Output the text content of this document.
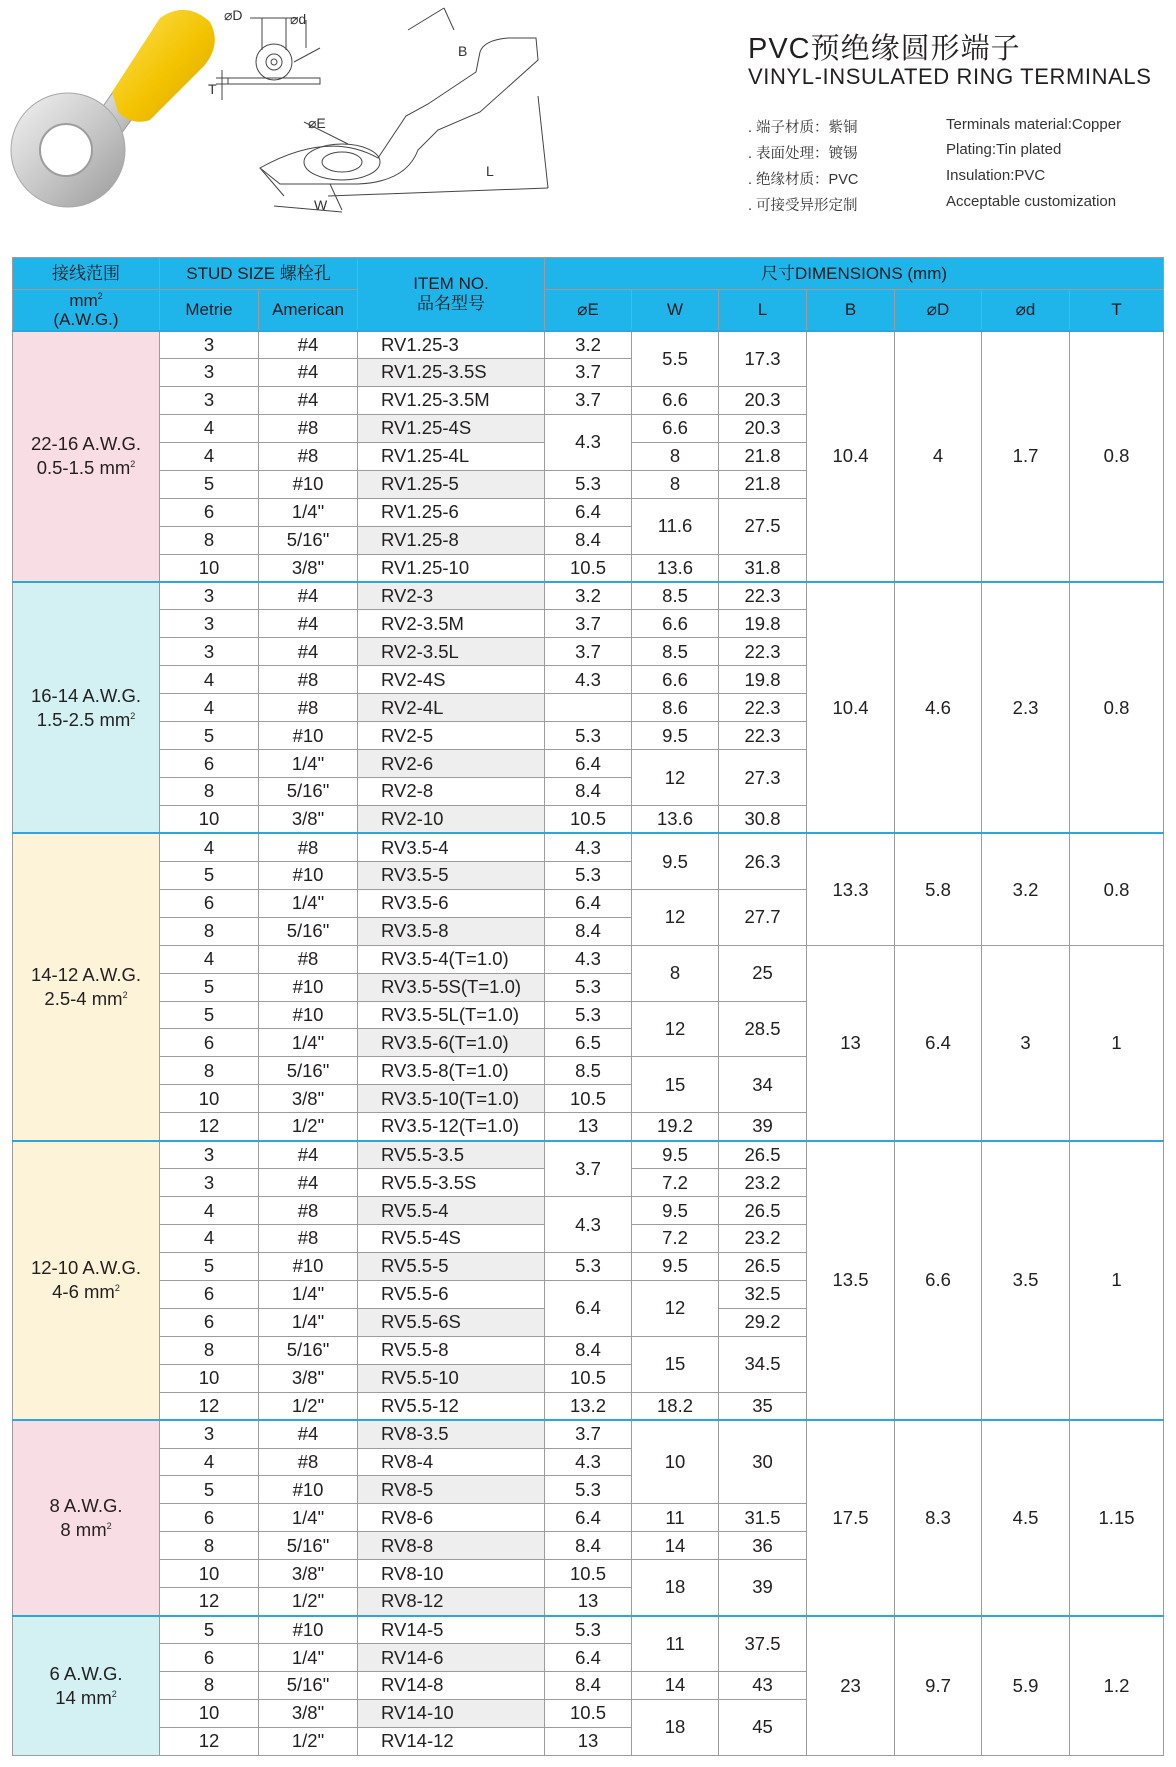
⌀D	⌀d
T
B
⌀E
L
W
PVC预绝缘圆形端子
VINYL-INSULATED RING TERMINALS
. 端子材质：紫铜	Terminals material:Copper
. 表面处理：镀锡	Plating:Tin plated
. 绝缘材质：PVC	Insulation:PVC
. 可接受异形定制	Acceptable customization
接线范围	STUD SIZE 螺栓孔		ITEM NO.
品名型号	尺寸DIMENSIONS (mm)						
$mm^2$
(A.W.G.)	Metrie	American		⌀E	W	L	B	⌀D	⌀d	T
22-16 A.W.G.
0.5-1.5 $mm^2$	3	#4	RV1.25-3	3.2	5.5	17.3	10.4	4	1.7	0.8
	3	#4	RV1.25-3.5S	3.7						
	3	#4	RV1.25-3.5M	3.7	6.6	20.3				
	4	#8	RV1.25-4S	4.3	6.6	20.3				
	4	#8	RV1.25-4L		8	21.8				
	5	#10	RV1.25-5	5.3	8	21.8				
	6	1/4"	RV1.25-6	6.4	11.6	27.5				
	8	5/16"	RV1.25-8	8.4						
	10	3/8"	RV1.25-10	10.5	13.6	31.8				
16-14 A.W.G.
1.5-2.5 $mm^2$	3	#4	RV2-3	3.2	8.5	22.3	10.4	4.6	2.3	0.8
	3	#4	RV2-3.5M	3.7	6.6	19.8				
	3	#4	RV2-3.5L	3.7	8.5	22.3				
	4	#8	RV2-4S	4.3	6.6	19.8				
	4	#8	RV2-4L		8.6	22.3				
	5	#10	RV2-5	5.3	9.5	22.3				
	6	1/4"	RV2-6	6.4	12	27.3				
	8	5/16"	RV2-8	8.4						
	10	3/8"	RV2-10	10.5	13.6	30.8				
14-12 A.W.G.
2.5-4 $mm^2$	4	#8	RV3.5-4	4.3	9.5	26.3	13.3	5.8	3.2	0.8
	5	#10	RV3.5-5	5.3						
	6	1/4"	RV3.5-6	6.4	12	27.7				
	8	5/16"	RV3.5-8	8.4						
	4	#8	RV3.5-4(T=1.0)	4.3	8	25	13	6.4	3	1
	5	#10	RV3.5-5S(T=1.0)	5.3						
	5	#10	RV3.5-5L(T=1.0)	5.3	12	28.5				
	6	1/4"	RV3.5-6(T=1.0)	6.5						
	8	5/16"	RV3.5-8(T=1.0)	8.5	15	34				
	10	3/8"	RV3.5-10(T=1.0)	10.5						
	12	1/2"	RV3.5-12(T=1.0)	13	19.2	39				
12-10 A.W.G.
4-6 $mm^2$	3	#4	RV5.5-3.5	3.7	9.5	26.5	13.5	6.6	3.5	1
	3	#4	RV5.5-3.5S		7.2	23.2				
	4	#8	RV5.5-4	4.3	9.5	26.5				
	4	#8	RV5.5-4S		7.2	23.2				
	5	#10	RV5.5-5	5.3	9.5	26.5				
	6	1/4"	RV5.5-6	6.4	12	32.5				
	6	1/4"	RV5.5-6S			29.2				
	8	5/16"	RV5.5-8	8.4	15	34.5				
	10	3/8"	RV5.5-10	10.5						
	12	1/2"	RV5.5-12	13.2	18.2	35				
8 A.W.G.
8 $mm^2$	3	#4	RV8-3.5	3.7	10	30	17.5	8.3	4.5	1.15
	4	#8	RV8-4	4.3						
	5	#10	RV8-5	5.3						
	6	1/4"	RV8-6	6.4	11	31.5				
	8	5/16"	RV8-8	8.4	14	36				
	10	3/8"	RV8-10	10.5	18	39				
	12	1/2"	RV8-12	13						
6 A.W.G.
14 $mm^2$	5	#10	RV14-5	5.3	11	37.5	23	9.7	5.9	1.2
	6	1/4"	RV14-6	6.4						
	8	5/16"	RV14-8	8.4	14	43				
	10	3/8"	RV14-10	10.5	18	45				
	12	1/2"	RV14-12	13						
